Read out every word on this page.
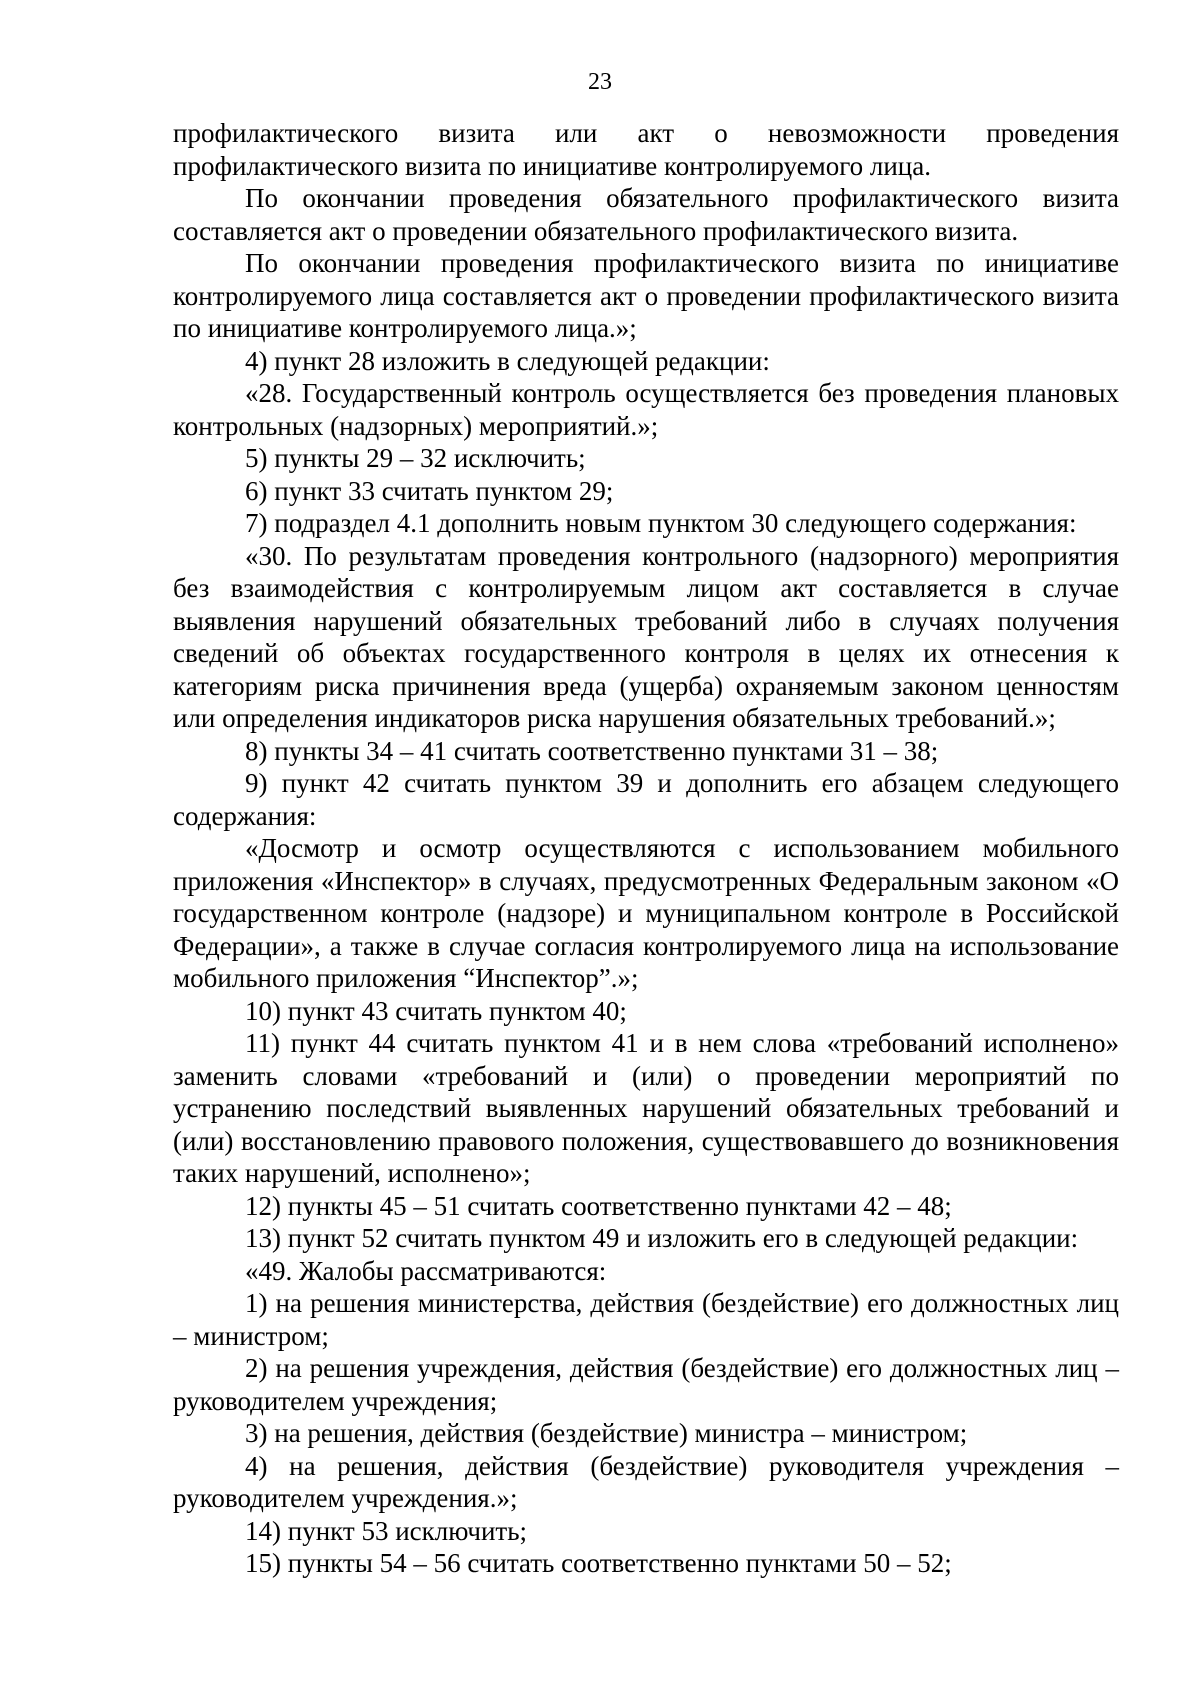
23

профилактического визита или акт о невозможности проведения профилактического визита по инициативе контролируемого лица.

По окончании проведения обязательного профилактического визита составляется акт о проведении обязательного профилактического визита.

По окончании проведения профилактического визита по инициативе контролируемого лица составляется акт о проведении профилактического визита по инициативе контролируемого лица.»;

4) пункт 28 изложить в следующей редакции:

«28. Государственный контроль осуществляется без проведения плановых контрольных (надзорных) мероприятий.»;

5) пункты 29 – 32 исключить;

6) пункт 33 считать пунктом 29;

7) подраздел 4.1 дополнить новым пунктом 30 следующего содержания:

«30. По результатам проведения контрольного (надзорного) мероприятия без взаимодействия с контролируемым лицом акт составляется в случае выявления нарушений обязательных требований либо в случаях получения сведений об объектах государственного контроля в целях их отнесения к категориям риска причинения вреда (ущерба) охраняемым законом ценностям или определения индикаторов риска нарушения обязательных требований.»;

8) пункты 34 – 41 считать соответственно пунктами 31 – 38;

9) пункт 42 считать пунктом 39 и дополнить его абзацем следующего содержания:

«Досмотр и осмотр осуществляются с использованием мобильного приложения «Инспектор» в случаях, предусмотренных Федеральным законом «О государственном контроле (надзоре) и муниципальном контроле в Российской Федерации», а также в случае согласия контролируемого лица на использование мобильного приложения “Инспектор”.»;

10) пункт 43 считать пунктом 40;

11) пункт 44 считать пунктом 41 и в нем слова «требований исполнено» заменить словами «требований и (или) о проведении мероприятий по устранению последствий выявленных нарушений обязательных требований и (или) восстановлению правового положения, существовавшего до возникновения таких нарушений, исполнено»;

12) пункты 45 – 51 считать соответственно пунктами 42 – 48;

13) пункт 52 считать пунктом 49 и изложить его в следующей редакции:

«49. Жалобы рассматриваются:

1) на решения министерства, действия (бездействие) его должностных лиц – министром;

2) на решения учреждения, действия (бездействие) его должностных лиц – руководителем учреждения;

3) на решения, действия (бездействие) министра – министром;

4) на решения, действия (бездействие) руководителя учреждения – руководителем учреждения.»;

14) пункт 53 исключить;

15) пункты 54 – 56 считать соответственно пунктами 50 – 52;
